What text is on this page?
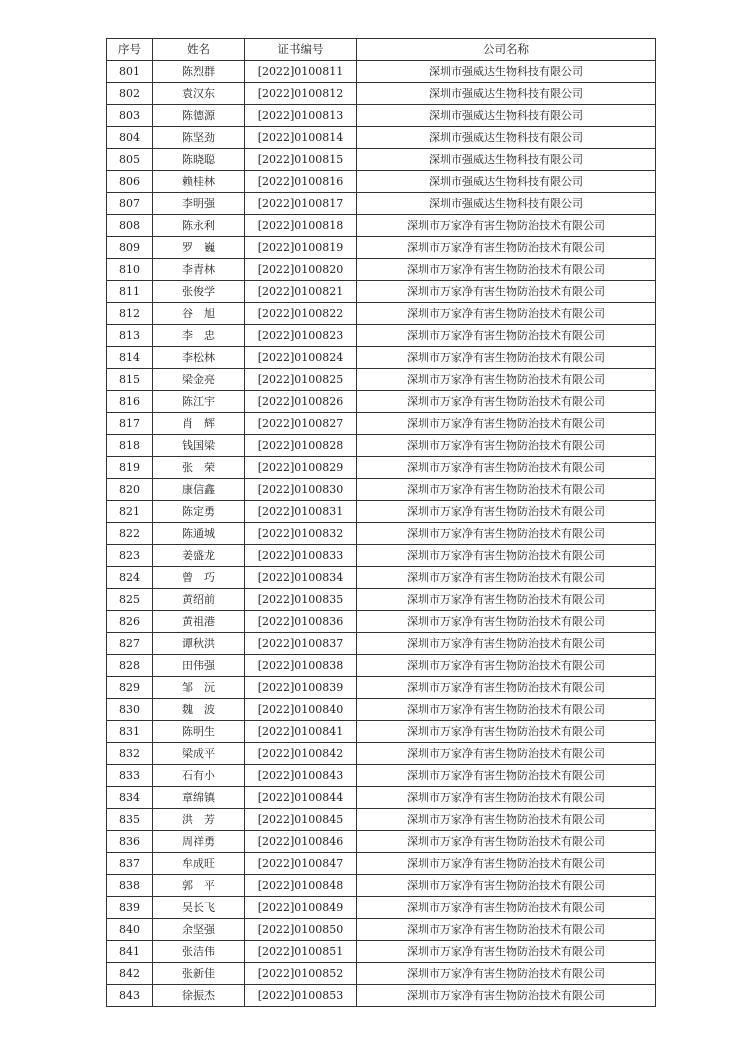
序号	姓名	证书编号	公司名称
801	陈烈群	[2022]0100811	深圳市强威达生物科技有限公司
802	袁汉东	[2022]0100812	深圳市强威达生物科技有限公司
803	陈德源	[2022]0100813	深圳市强威达生物科技有限公司
804	陈坚劲	[2022]0100814	深圳市强威达生物科技有限公司
805	陈晓聪	[2022]0100815	深圳市强威达生物科技有限公司
806	赖桂林	[2022]0100816	深圳市强威达生物科技有限公司
807	李明强	[2022]0100817	深圳市强威达生物科技有限公司
808	陈永利	[2022]0100818	深圳市万家净有害生物防治技术有限公司
809	罗　巍	[2022]0100819	深圳市万家净有害生物防治技术有限公司
810	李青林	[2022]0100820	深圳市万家净有害生物防治技术有限公司
811	张俊学	[2022]0100821	深圳市万家净有害生物防治技术有限公司
812	谷　旭	[2022]0100822	深圳市万家净有害生物防治技术有限公司
813	李　忠	[2022]0100823	深圳市万家净有害生物防治技术有限公司
814	李松林	[2022]0100824	深圳市万家净有害生物防治技术有限公司
815	梁金亮	[2022]0100825	深圳市万家净有害生物防治技术有限公司
816	陈江宇	[2022]0100826	深圳市万家净有害生物防治技术有限公司
817	肖　辉	[2022]0100827	深圳市万家净有害生物防治技术有限公司
818	钱国梁	[2022]0100828	深圳市万家净有害生物防治技术有限公司
819	张　荣	[2022]0100829	深圳市万家净有害生物防治技术有限公司
820	康信鑫	[2022]0100830	深圳市万家净有害生物防治技术有限公司
821	陈定勇	[2022]0100831	深圳市万家净有害生物防治技术有限公司
822	陈通城	[2022]0100832	深圳市万家净有害生物防治技术有限公司
823	姜盛龙	[2022]0100833	深圳市万家净有害生物防治技术有限公司
824	曾　巧	[2022]0100834	深圳市万家净有害生物防治技术有限公司
825	黄绍前	[2022]0100835	深圳市万家净有害生物防治技术有限公司
826	黄祖港	[2022]0100836	深圳市万家净有害生物防治技术有限公司
827	谭秋洪	[2022]0100837	深圳市万家净有害生物防治技术有限公司
828	田伟强	[2022]0100838	深圳市万家净有害生物防治技术有限公司
829	邹　沅	[2022]0100839	深圳市万家净有害生物防治技术有限公司
830	魏　波	[2022]0100840	深圳市万家净有害生物防治技术有限公司
831	陈明生	[2022]0100841	深圳市万家净有害生物防治技术有限公司
832	梁成平	[2022]0100842	深圳市万家净有害生物防治技术有限公司
833	石有小	[2022]0100843	深圳市万家净有害生物防治技术有限公司
834	章绵镇	[2022]0100844	深圳市万家净有害生物防治技术有限公司
835	洪　芳	[2022]0100845	深圳市万家净有害生物防治技术有限公司
836	周祥勇	[2022]0100846	深圳市万家净有害生物防治技术有限公司
837	牟成旺	[2022]0100847	深圳市万家净有害生物防治技术有限公司
838	郭　平	[2022]0100848	深圳市万家净有害生物防治技术有限公司
839	吴长飞	[2022]0100849	深圳市万家净有害生物防治技术有限公司
840	余坚强	[2022]0100850	深圳市万家净有害生物防治技术有限公司
841	张洁伟	[2022]0100851	深圳市万家净有害生物防治技术有限公司
842	张新佳	[2022]0100852	深圳市万家净有害生物防治技术有限公司
843	徐振杰	[2022]0100853	深圳市万家净有害生物防治技术有限公司
